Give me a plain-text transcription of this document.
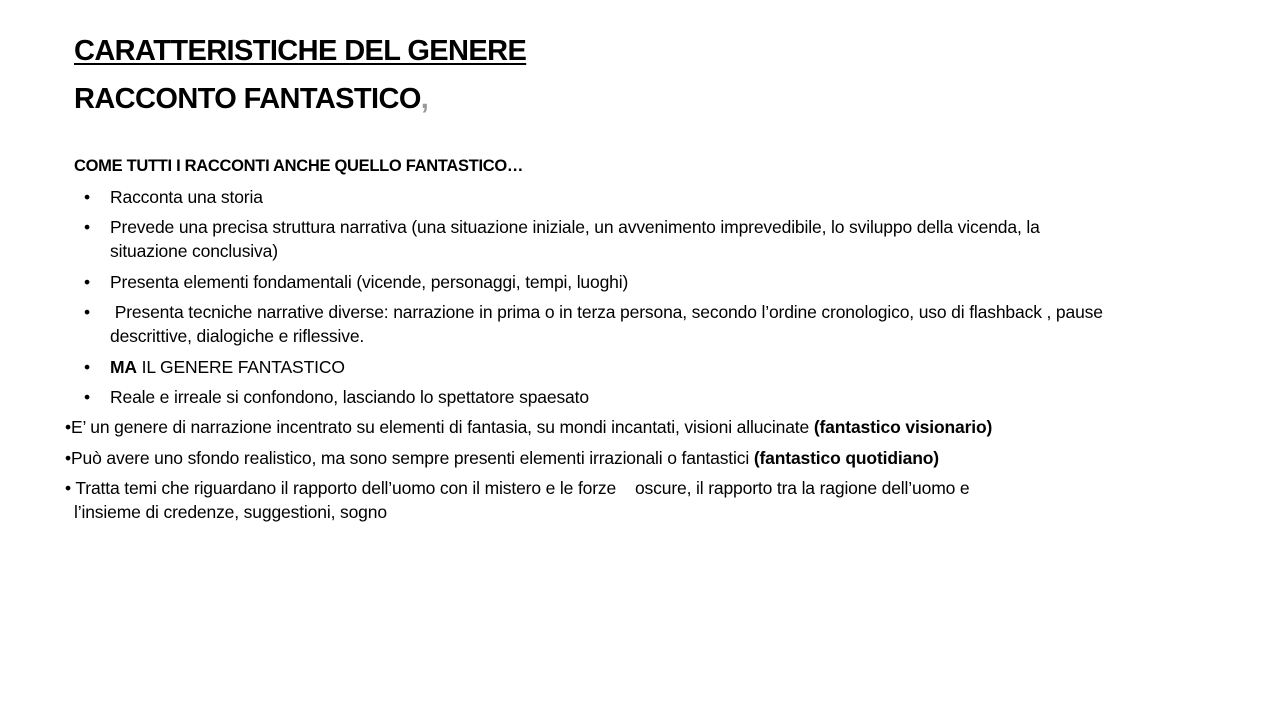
CARATTERISTICHE DEL GENERE
RACCONTO FANTASTICO,
COME TUTTI I RACCONTI ANCHE QUELLO FANTASTICO…
• Racconta una storia
• Prevede una precisa struttura narrativa (una situazione iniziale, un avvenimento imprevedibile, lo sviluppo della vicenda, la situazione conclusiva)
• Presenta elementi fondamentali (vicende, personaggi, tempi, luoghi)
• Presenta tecniche narrative diverse: narrazione in prima o in terza persona, secondo l’ordine cronologico, uso di flashback , pause descrittive, dialogiche e riflessive.
• MA IL GENERE FANTASTICO
• Reale e irreale si confondono, lasciando lo spettatore spaesato
•E’ un genere di narrazione incentrato su elementi di fantasia, su mondi incantati, visioni allucinate (fantastico visionario)
•Può avere uno sfondo realistico, ma sono sempre presenti elementi irrazionali o fantastici (fantastico quotidiano)
• Tratta temi che riguardano il rapporto dell’uomo con il mistero e le forze    oscure, il rapporto tra la ragione dell’uomo e
l’insieme di credenze, suggestioni, sogno
